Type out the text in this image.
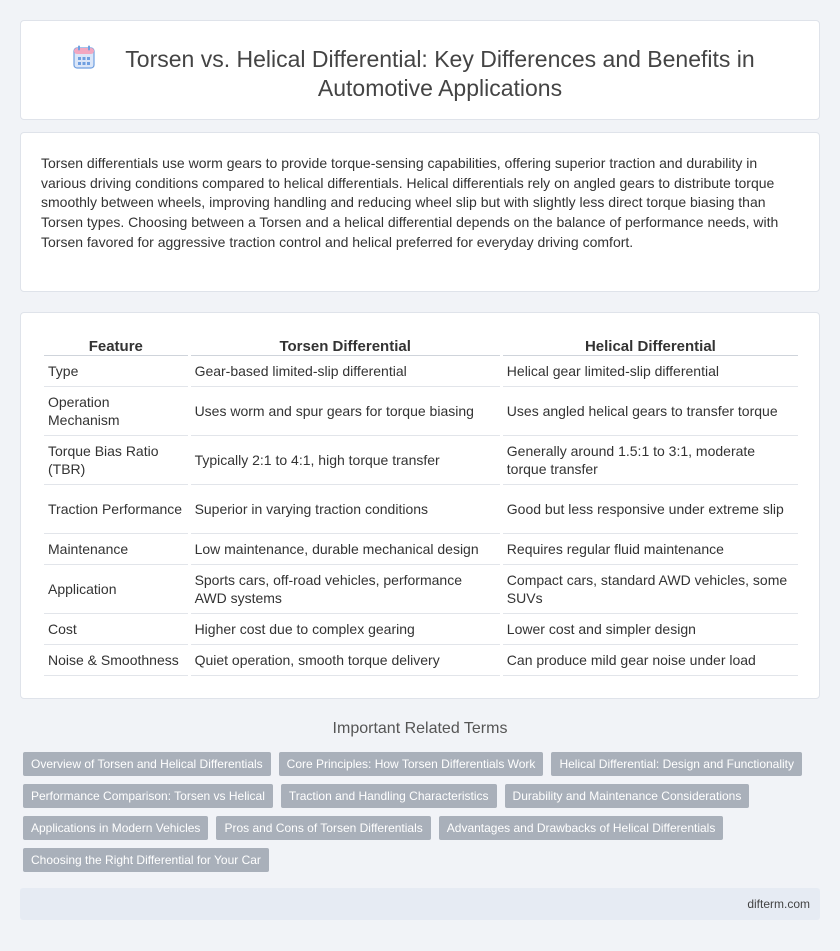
Torsen vs. Helical Differential: Key Differences and Benefits in Automotive Applications

Torsen differentials use worm gears to provide torque-sensing capabilities, offering superior traction and durability in various driving conditions compared to helical differentials. Helical differentials rely on angled gears to distribute torque smoothly between wheels, improving handling and reducing wheel slip but with slightly less direct torque biasing than Torsen types. Choosing between a Torsen and a helical differential depends on the balance of performance needs, with Torsen favored for aggressive traction control and helical preferred for everyday driving comfort.

Feature	Torsen Differential	Helical Differential
Type	Gear-based limited-slip differential	Helical gear limited-slip differential
Operation Mechanism	Uses worm and spur gears for torque biasing	Uses angled helical gears to transfer torque
Torque Bias Ratio (TBR)	Typically 2:1 to 4:1, high torque transfer	Generally around 1.5:1 to 3:1, moderate torque transfer
Traction Performance	Superior in varying traction conditions	Good but less responsive under extreme slip
Maintenance	Low maintenance, durable mechanical design	Requires regular fluid maintenance
Application	Sports cars, off-road vehicles, performance AWD systems	Compact cars, standard AWD vehicles, some SUVs
Cost	Higher cost due to complex gearing	Lower cost and simpler design
Noise & Smoothness	Quiet operation, smooth torque delivery	Can produce mild gear noise under load
Important Related Terms
Overview of Torsen and Helical Differentials	Core Principles: How Torsen Differentials Work	Helical Differential: Design and Functionality
Performance Comparison: Torsen vs Helical	Traction and Handling Characteristics	Durability and Maintenance Considerations
Applications in Modern Vehicles	Pros and Cons of Torsen Differentials	Advantages and Drawbacks of Helical Differentials
Choosing the Right Differential for Your Car
difterm.com
